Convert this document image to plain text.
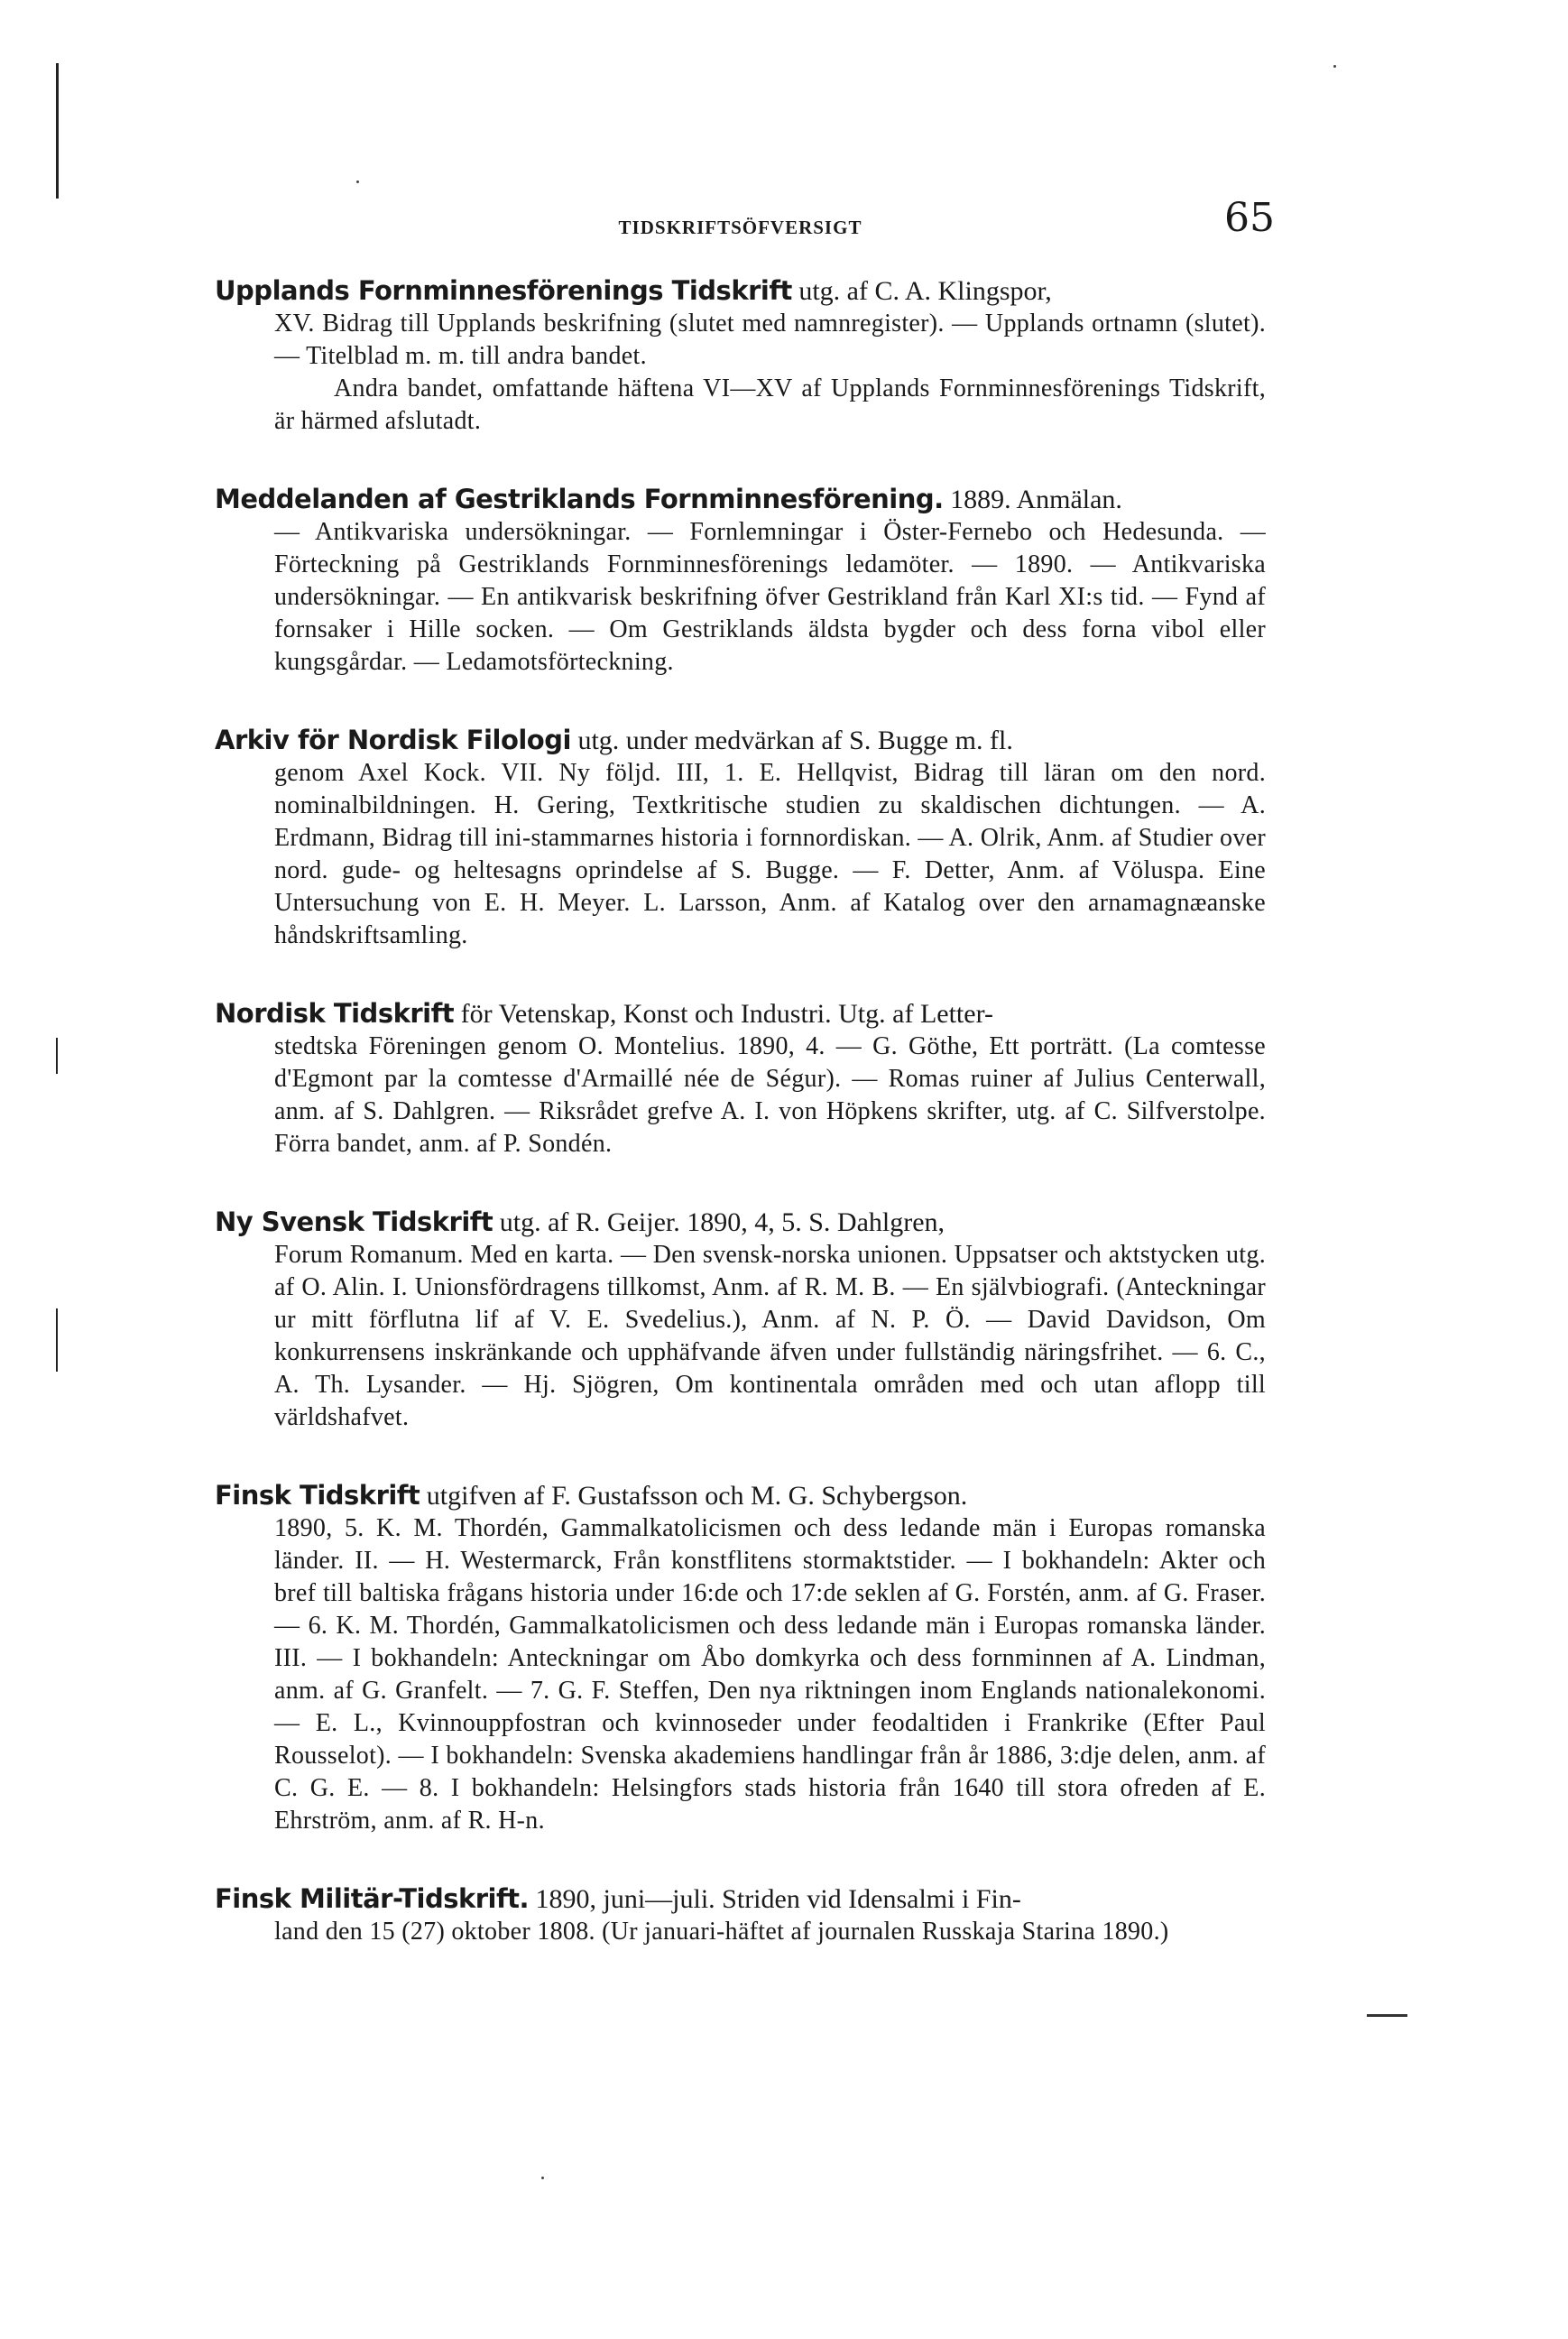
TIDSKRIFTSÖFVERSIGT	65
Upplands Fornminnesförenings Tidskrift utg. af C. A. Klingspor,

XV. Bidrag till Upplands beskrifning (slutet med namnregister). — Upplands ortnamn (slutet). — Titelblad m. m. till andra bandet.

Andra bandet, omfattande häftena VI—XV af Upplands Fornminnesförenings Tidskrift, är härmed afslutadt.

Meddelanden af Gestriklands Fornminnesförening. 1889. Anmälan.

— Antikvariska undersökningar. — Fornlemningar i Öster-Fernebo och Hedesunda. — Förteckning på Gestriklands Fornminnesförenings ledamöter. — 1890. — Antikvariska undersökningar. — En antikvarisk beskrifning öfver Gestrikland från Karl XI:s tid. — Fynd af fornsaker i Hille socken. — Om Gestriklands äldsta bygder och dess forna vibol eller kungsgårdar. — Ledamotsförteckning.

Arkiv för Nordisk Filologi utg. under medvärkan af S. Bugge m. fl.

genom Axel Kock. VII. Ny följd. III, 1. E. Hellqvist, Bidrag till läran om den nord. nominalbildningen. H. Gering, Textkritische studien zu skaldischen dichtungen. — A. Erdmann, Bidrag till ini-stammarnes historia i fornnordiskan. — A. Olrik, Anm. af Studier over nord. gude- og heltesagns oprindelse af S. Bugge. — F. Detter, Anm. af Völuspa. Eine Untersuchung von E. H. Meyer. L. Larsson, Anm. af Katalog over den arnamagnæanske håndskriftsamling.

Nordisk Tidskrift för Vetenskap, Konst och Industri. Utg. af Letter-

stedtska Föreningen genom O. Montelius. 1890, 4. — G. Göthe, Ett porträtt. (La comtesse d'Egmont par la comtesse d'Armaillé née de Ségur). — Romas ruiner af Julius Centerwall, anm. af S. Dahlgren. — Riksrådet grefve A. I. von Höpkens skrifter, utg. af C. Silfverstolpe. Förra bandet, anm. af P. Sondén.

Ny Svensk Tidskrift utg. af R. Geijer. 1890, 4, 5. S. Dahlgren,

Forum Romanum. Med en karta. — Den svensk-norska unionen. Uppsatser och aktstycken utg. af O. Alin. I. Unionsfördragens tillkomst, Anm. af R. M. B. — En självbiografi. (Anteckningar ur mitt förflutna lif af V. E. Svedelius.), Anm. af N. P. Ö. — David Davidson, Om konkurrensens inskränkande och upphäfvande äfven under fullständig näringsfrihet. — 6. C., A. Th. Lysander. — Hj. Sjögren, Om kontinentala områden med och utan aflopp till världshafvet.

Finsk Tidskrift utgifven af F. Gustafsson och M. G. Schybergson.

1890, 5. K. M. Thordén, Gammalkatolicismen och dess ledande män i Europas romanska länder. II. — H. Westermarck, Från konstflitens stormaktstider. — I bokhandeln: Akter och bref till baltiska frågans historia under 16:de och 17:de seklen af G. Forstén, anm. af G. Fraser. — 6. K. M. Thordén, Gammalkatolicismen och dess ledande män i Europas romanska länder. III. — I bokhandeln: Anteckningar om Åbo domkyrka och dess fornminnen af A. Lindman, anm. af G. Granfelt. — 7. G. F. Steffen, Den nya riktningen inom Englands nationalekonomi. — E. L., Kvinnouppfostran och kvinnoseder under feodaltiden i Frankrike (Efter Paul Rousselot). — I bokhandeln: Svenska akademiens handlingar från år 1886, 3:dje delen, anm. af C. G. E. — 8. I bokhandeln: Helsingfors stads historia från 1640 till stora ofreden af E. Ehrström, anm. af R. H-n.

Finsk Militär-Tidskrift. 1890, juni—juli. Striden vid Idensalmi i Fin-

land den 15 (27) oktober 1808. (Ur januari-häftet af journalen Russkaja Starina 1890.)
